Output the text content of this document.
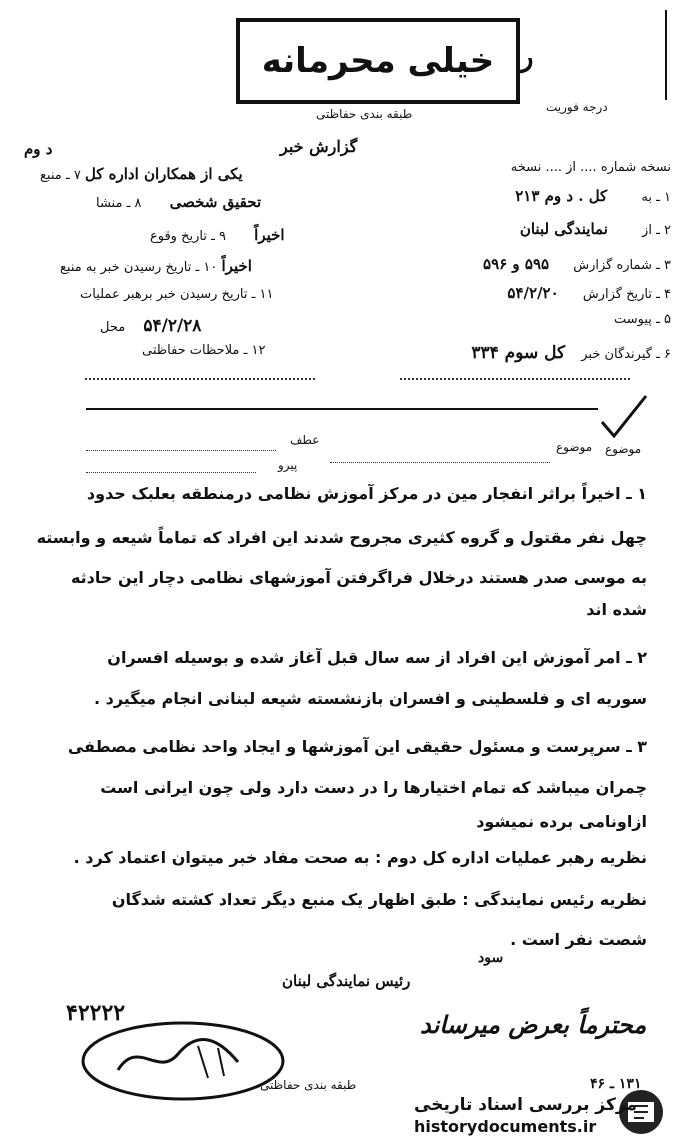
خیلی محرمانه ر
طبقه بندی حفاظتی	درجه فوریت
گزارش خبر
د وم
نسخه شماره .... از .... نسخه
۱ ـ به کل . د وم ۲۱۳
۲ ـ از نمایندگی لبنان
۳ ـ شماره گزارش ۵۹۵ و ۵۹۶
۴ ـ تاریخ گزارش ۵۴/۲/۲۰
۵ ـ پیوست
۶ ـ گیرندگان خبر کل سوم ۳۳۴
یکی از همکاران اداره کل ۷ ـ منبع
تحقیق شخصی ۸ ـ منشا
اخیراً ۹ ـ تاریخ وقوع
اخیراً ۱۰ ـ تاریخ رسیدن خبر به منبع
۱۱ ـ تاریخ رسیدن خبر برهبر عملیات
۵۴/۲/۲۸ محل
۱۲ ـ ملاحظات حفاظتی
موضوع
موضوع
عطف
پیرو
۱ ـ اخیراً براثر انفجار مین در مرکز آموزش نظامی درمنطقه بعلبک حدود
چهل نفر مقتول و گروه کثیری مجروح شدند این افراد که تماماً شیعه و وابسته
به موسی صدر هستند درخلال فراگرفتن آموزشهای نظامی دچار این حادثه
شده اند
۲ ـ امر آموزش این افراد از سه سال قبل آغاز شده و بوسیله افسران
سوریه ای و فلسطینی و افسران بازنشسته شیعه لبنانی انجام میگیرد .
۳ ـ سرپرست و مسئول حقیقی این آموزشها و ایجاد واحد نظامی مصطفی
چمران میباشد که تمام اختیارها را در دست دارد ولی چون ایرانی است
ازاونامی برده نمیشود
نظریه رهبر عملیات اداره کل دوم : به صحت مفاد خبر میتوان اعتماد کرد .
نظریه رئیس نمایندگی : طبق اظهار یک منبع دیگر تعداد کشته شدگان
شصت نفر است .
سود
رئیس نمایندگی لبنان
محترماً بعرض میرساند
۴۲۲۲۲
طبقه بندی حفاظتی	۱۳۱ ـ ۴۶
مرکز بررسی اسناد تاریخی
historydocuments.ir
